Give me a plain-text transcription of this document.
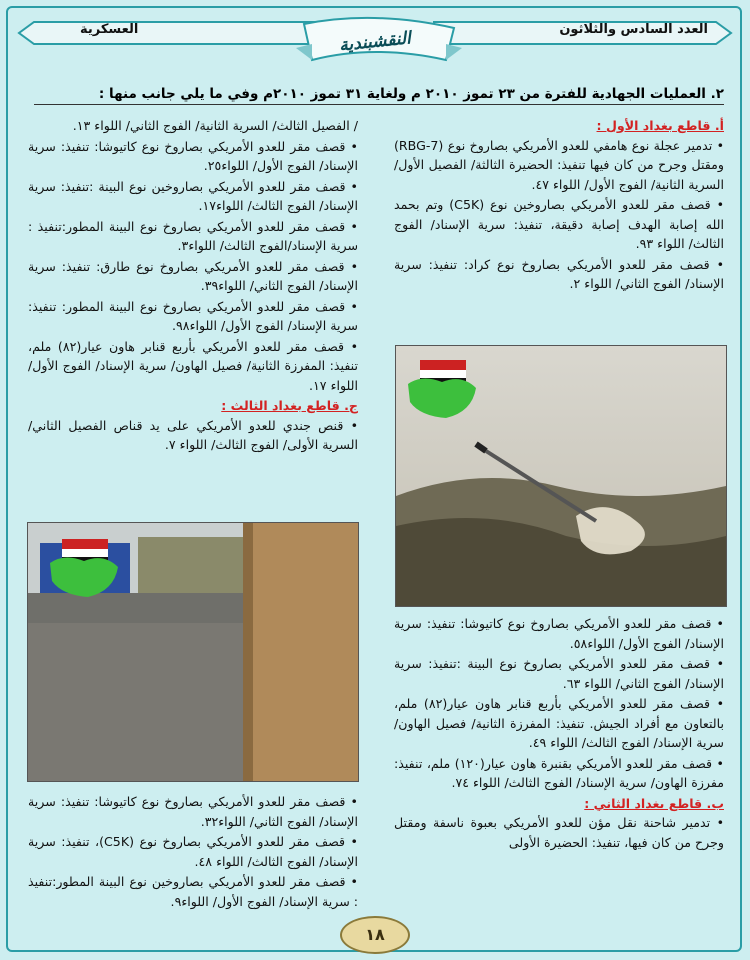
العدد السادس والثلاثون
العسكرية	النقشبندية
٢. العمليات الجهادية للفترة من ٢٣ تموز ٢٠١٠ م ولغاية ٣١ تموز ٢٠١٠م وفي ما يلي جانب منها :
أ. قاطع بغداد الأول :
• تدمير عجلة نوع هامفي للعدو الأمريكي بصاروخ نوع (RBG-7) ومقتل وجرح من كان فيها تنفيذ: الحضيرة الثالثة/ الفصيل الأول/ السرية الثانية/ الفوج الأول/ اللواء ٤٧.
• قصف مقر للعدو الأمريكي بصاروخين نوع (C5K) وتم بحمد الله إصابة الهدف إصابة دقيقة، تنفيذ: سرية الإسناد/ الفوج الثالث/ اللواء ٩٣.
• قصف مقر للعدو الأمريكي بصاروخ نوع كراد: تنفيذ: سرية الإسناد/ الفوج الثاني/ اللواء ٢.
• قصف مقر للعدو الأمريكي بصاروخ نوع كاتيوشا: تنفيذ: سرية الإسناد/ الفوج الأول/ اللواء٥٨.
• قصف مقر للعدو الأمريكي بصاروخ نوع البينة :تنفيذ: سرية الإسناد/ الفوج الثاني/ اللواء ٦٣.
• قصف مقر للعدو الأمريكي بأربع قنابر هاون عيار(٨٢) ملم، بالتعاون مع أفراد الجيش. تنفيذ: المفرزة الثانية/ فصيل الهاون/ سرية الإسناد/ الفوج الثالث/ اللواء ٤٩.
• قصف مقر للعدو الأمريكي بقنبرة هاون عيار(١٢٠) ملم، تنفيذ: مفرزة الهاون/ سرية الإسناد/ الفوج الثالث/ اللواء ٧٤.
ب. قاطع بغداد الثاني :
• تدمير شاحنة نقل مؤن للعدو الأمريكي بعبوة ناسفة ومقتل وجرح من كان فيها، تنفيذ: الحضيرة الأولى
/ الفصيل الثالث/ السرية الثانية/ الفوج الثاني/ اللواء ١٣.
• قصف مقر للعدو الأمريكي بصاروخ نوع كاتيوشا: تنفيذ: سرية الإسناد/ الفوج الأول/ اللواء٢٥.
• قصف مقر للعدو الأمريكي بصاروخين نوع البينة :تنفيذ: سرية الإسناد/ الفوج الثالث/ اللواء١٧.
• قصف مقر للعدو الأمريكي بصاروخ نوع البينة المطور:تنفيذ : سرية الإسناد/الفوج الثالث/ اللواء٣.
• قصف مقر للعدو الأمريكي بصاروخ نوع طارق: تنفيذ: سرية الإسناد/ الفوج الثاني/ اللواء٣٩.
• قصف مقر للعدو الأمريكي بصاروخ نوع البينة المطور: تنفيذ: سرية الإسناد/ الفوج الأول/ اللواء٩٨.
• قصف مقر للعدو الأمريكي بأربع قنابر هاون عيار(٨٢) ملم، تنفيذ: المفرزة الثانية/ فصيل الهاون/ سرية الإسناد/ الفوج الأول/ اللواء ١٧.
ج. قاطع بغداد الثالث :
• قنص جندي للعدو الأمريكي على يد قناص الفصيل الثاني/ السرية الأولى/ الفوج الثالث/ اللواء ٧.
• قصف مقر للعدو الأمريكي بصاروخ نوع كاتيوشا: تنفيذ: سرية الإسناد/ الفوج الثاني/ اللواء٣٢.
• قصف مقر للعدو الأمريكي بصاروخ نوع (C5K)، تنفيذ: سرية الإسناد/ الفوج الثالث/ اللواء ٤٨.
• قصف مقر للعدو الأمريكي بصاروخين نوع البينة المطور:تنفيذ : سرية الإسناد/ الفوج الأول/ اللواء٩.
١٨
